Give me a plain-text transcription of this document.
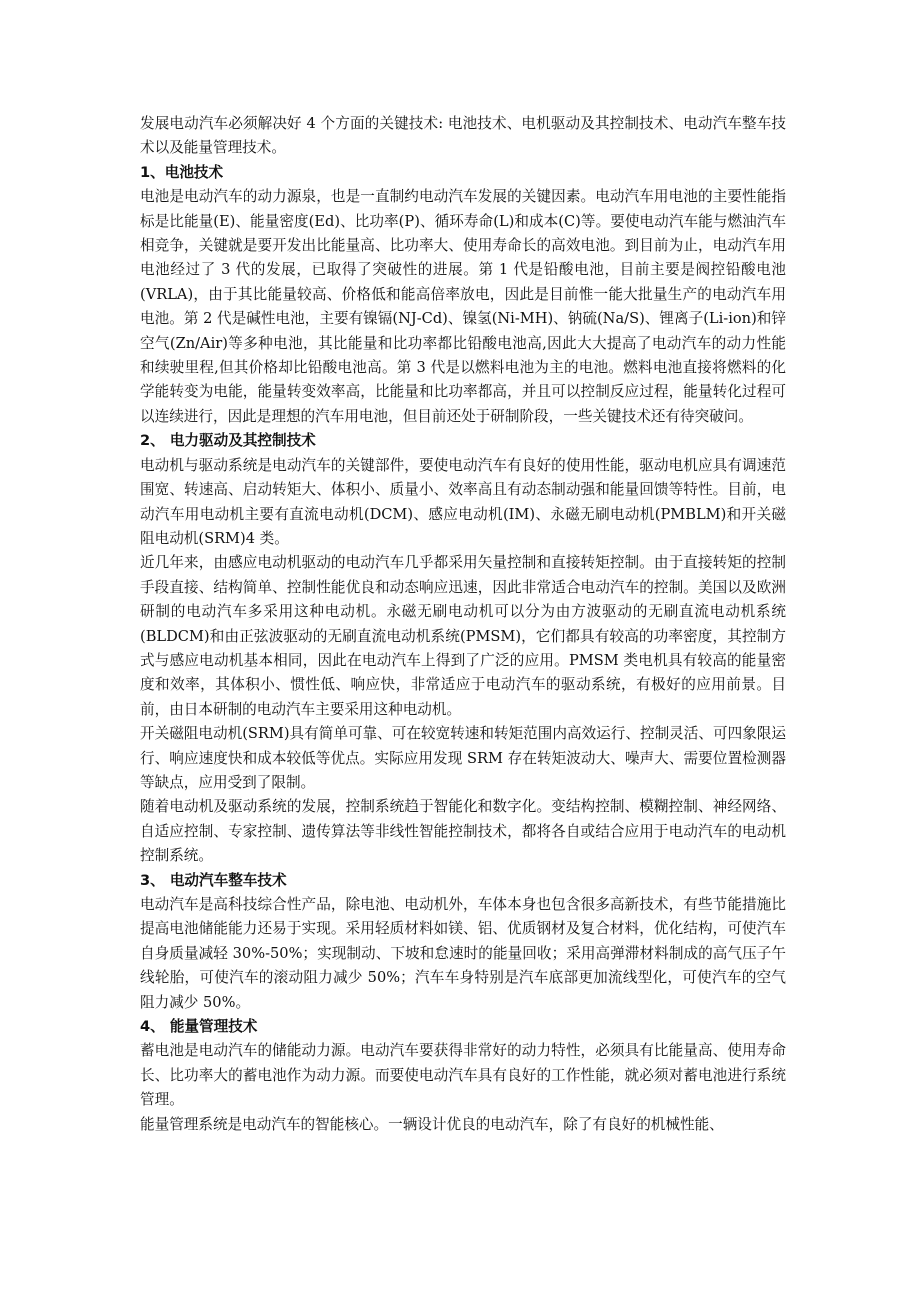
发展电动汽车必须解决好 4 个方面的关键技术: 电池技术、电机驱动及其控制技术、电动汽车整车技术以及能量管理技术。

1、电池技术

电池是电动汽车的动力源泉，也是一直制约电动汽车发展的关键因素。电动汽车用电池的主要性能指标是比能量(E)、能量密度(Ed)、比功率(P)、循环寿命(L)和成本(C)等。要使电动汽车能与燃油汽车相竞争，关键就是要开发出比能量高、比功率大、使用寿命长的高效电池。到目前为止，电动汽车用电池经过了 3 代的发展，已取得了突破性的进展。第 1 代是铅酸电池，目前主要是阀控铅酸电池(VRLA)，由于其比能量较高、价格低和能高倍率放电，因此是目前惟一能大批量生产的电动汽车用电池。第 2 代是碱性电池，主要有镍镉(NJ-Cd)、镍氢(Ni-MH)、钠硫(Na/S)、锂离子(Li-ion)和锌空气(Zn/Air)等多种电池，其比能量和比功率都比铅酸电池高,因此大大提高了电动汽车的动力性能和续驶里程,但其价格却比铅酸电池高。第 3 代是以燃料电池为主的电池。燃料电池直接将燃料的化学能转变为电能，能量转变效率高，比能量和比功率都高，并且可以控制反应过程，能量转化过程可以连续进行，因此是理想的汽车用电池，但目前还处于研制阶段，一些关键技术还有待突破问。

2、 电力驱动及其控制技术

电动机与驱动系统是电动汽车的关键部件，要使电动汽车有良好的使用性能，驱动电机应具有调速范围宽、转速高、启动转矩大、体积小、质量小、效率高且有动态制动强和能量回馈等特性。目前，电动汽车用电动机主要有直流电动机(DCM)、感应电动机(IM)、永磁无刷电动机(PMBLM)和开关磁阻电动机(SRM)4 类。

近几年来，由感应电动机驱动的电动汽车几乎都采用矢量控制和直接转矩控制。由于直接转矩的控制手段直接、结构简单、控制性能优良和动态响应迅速，因此非常适合电动汽车的控制。美国以及欧洲研制的电动汽车多采用这种电动机。永磁无刷电动机可以分为由方波驱动的无刷直流电动机系统(BLDCM)和由正弦波驱动的无刷直流电动机系统(PMSM)，它们都具有较高的功率密度，其控制方式与感应电动机基本相同，因此在电动汽车上得到了广泛的应用。PMSM 类电机具有较高的能量密度和效率，其体积小、惯性低、响应快，非常适应于电动汽车的驱动系统，有极好的应用前景。目前，由日本研制的电动汽车主要采用这种电动机。

开关磁阻电动机(SRM)具有简单可靠、可在较宽转速和转矩范围内高效运行、控制灵活、可四象限运行、响应速度快和成本较低等优点。实际应用发现 SRM 存在转矩波动大、噪声大、需要位置检测器等缺点，应用受到了限制。

随着电动机及驱动系统的发展，控制系统趋于智能化和数字化。变结构控制、模糊控制、神经网络、自适应控制、专家控制、遗传算法等非线性智能控制技术，都将各自或结合应用于电动汽车的电动机控制系统。

3、 电动汽车整车技术

电动汽车是高科技综合性产品，除电池、电动机外，车体本身也包含很多高新技术，有些节能措施比提高电池储能能力还易于实现。采用轻质材料如镁、铝、优质钢材及复合材料，优化结构，可使汽车自身质量减轻 30%-50%；实现制动、下坡和怠速时的能量回收；采用高弹滞材料制成的高气压子午线轮胎，可使汽车的滚动阻力减少 50%；汽车车身特别是汽车底部更加流线型化，可使汽车的空气阻力减少 50%。

4、 能量管理技术

蓄电池是电动汽车的储能动力源。电动汽车要获得非常好的动力特性，必须具有比能量高、使用寿命长、比功率大的蓄电池作为动力源。而要使电动汽车具有良好的工作性能，就必须对蓄电池进行系统管理。

能量管理系统是电动汽车的智能核心。一辆设计优良的电动汽车，除了有良好的机械性能、
